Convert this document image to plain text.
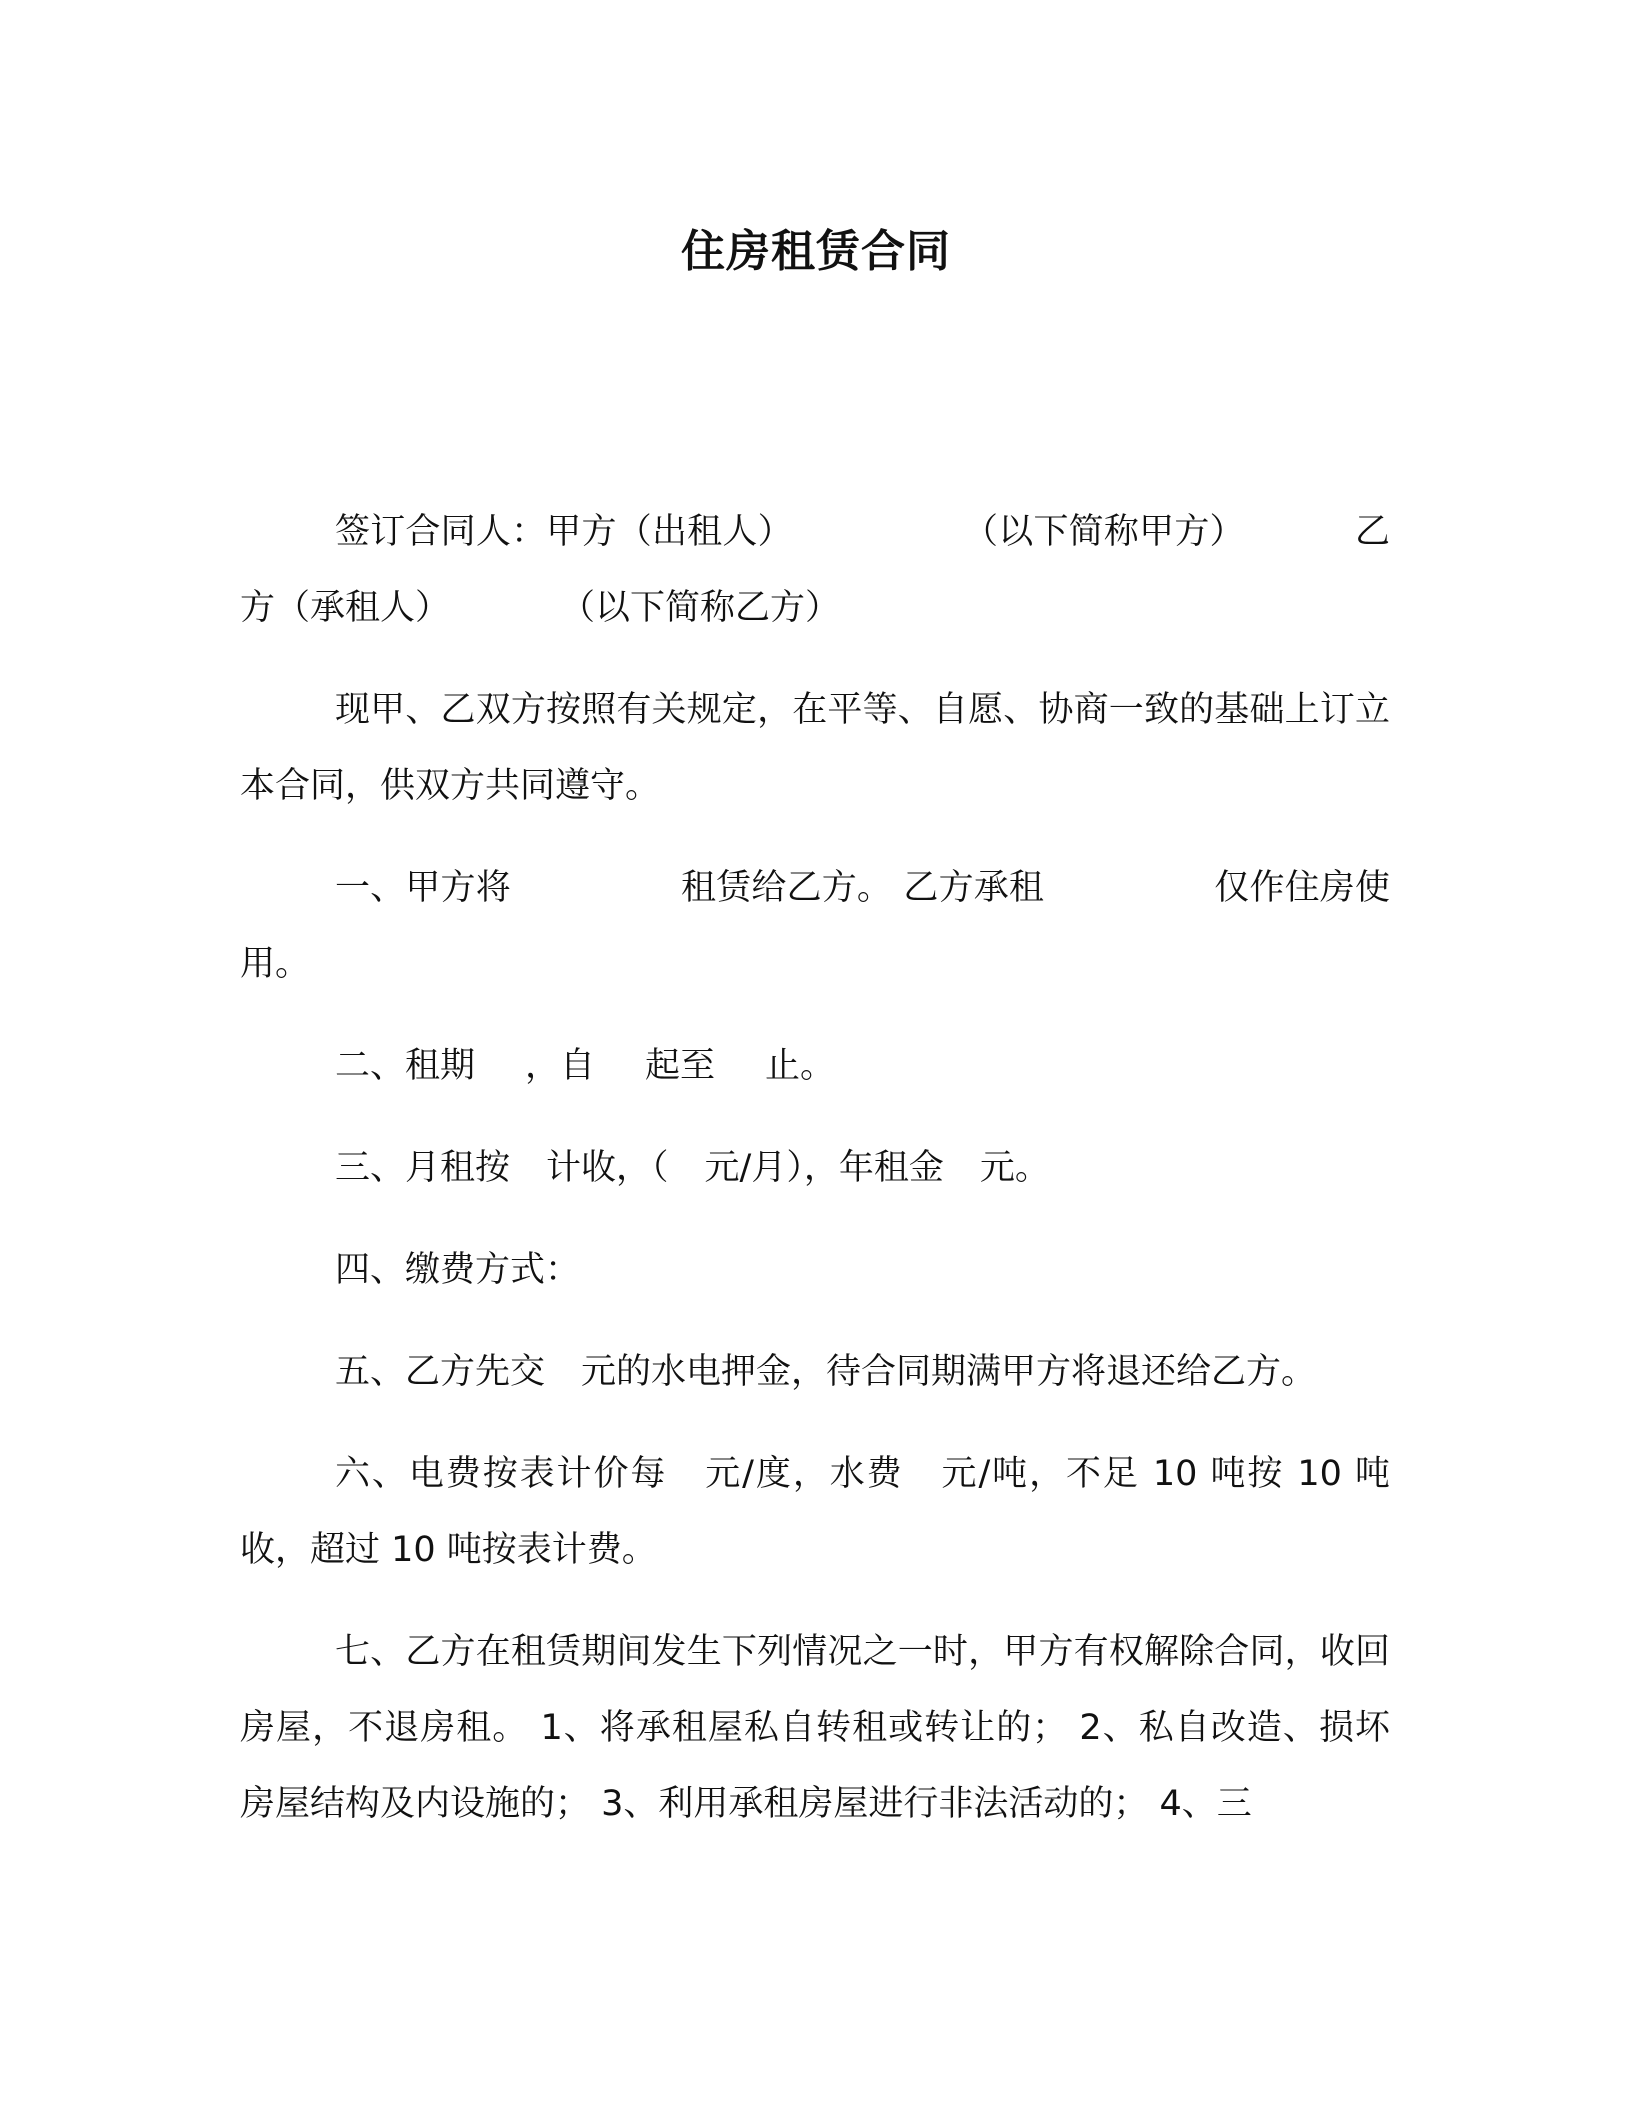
住房租赁合同

签订合同人：甲方（出租人）	（以下简称甲方）	乙方（承租人）	（以下简称乙方）

现甲、乙双方按照有关规定，在平等、自愿、协商一致的基础上订立本合同，供双方共同遵守。

一、甲方将	租赁给乙方。 乙方承租	仅作住房使用。

二、租期 ，自 起至 止。

三、月租按 计收，（ 元/月），年租金 元。

四、缴费方式：

五、乙方先交 元的水电押金，待合同期满甲方将退还给乙方。

六、电费按表计价每 元/度，水费 元/吨，不足 10 吨按 10 吨收，超过 10 吨按表计费。

七、乙方在租赁期间发生下列情况之一时，甲方有权解除合同，收回房屋，不退房租。 1、将承租屋私自转租或转让的； 2、私自改造、损坏房屋结构及内设施的； 3、利用承租房屋进行非法活动的； 4、三
